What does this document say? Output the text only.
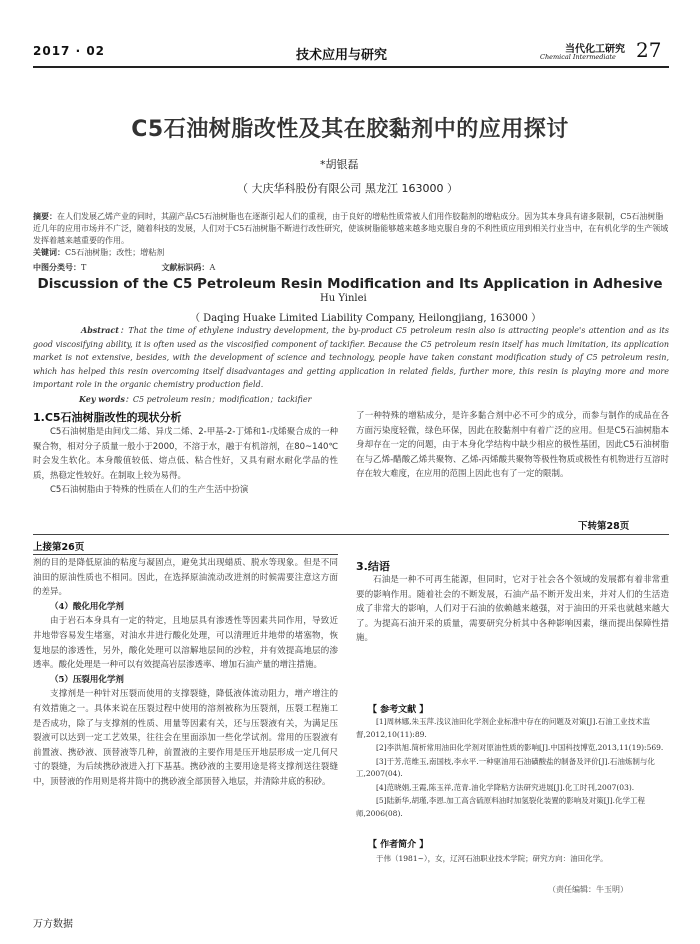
2017 · 02	技术应用与研究	当代化工研究
Chemical Intermediate 27
C5石油树脂改性及其在胶黏剂中的应用探讨
*胡银磊
（ 大庆华科股份有限公司 黑龙江 163000 ）
摘要：在人们发展乙烯产业的同时，其副产品C5石油树脂也在逐渐引起人们的重视，由于良好的增粘性质常被人们用作胶黏剂的增粘成分。因为其本身具有诸多限制，C5石油树脂近几年的应用市场并不广泛，随着科技的发展，人们对于C5石油树脂不断进行改性研究，使该树脂能够越来越多地克服自身的不利性质应用到相关行业当中，在有机化学的生产领域发挥着越来越重要的作用。
关键词：C5石油树脂；改性；增粘剂
中图分类号：T	文献标识码：A
Discussion of the C5 Petroleum Resin Modification and Its Application in Adhesive
Hu Yinlei
（ Daqing Huake Limited Liability Company, Heilongjiang, 163000 ）
Abstract：That the time of ethylene industry development, the by-product C5 petroleum resin also is attracting people's attention and as its good viscosifying ability, it is often used as the viscosified component of tackifier. Because the C5 petroleum resin itself has much limitation, its application market is not extensive, besides, with the development of science and technology, people have taken constant modification study of C5 petroleum resin, which has helped this resin overcoming itself disadvantages and getting application in related fields, further more, this resin is playing more and more important role in the organic chemistry production field.
Key words：C5 petroleum resin；modification；tackifier
1.C5石油树脂改性的现状分析

C5石油树脂是由间戊二烯、异戊二烯、2-甲基-2-丁烯和1-戊烯聚合成的一种聚合物，相对分子质量一般小于2000，不溶于水，融于有机溶剂，在80~140℃时会发生软化。本身酸值较低、熔点低、粘合性好，又具有耐水耐化学品的性质，热稳定性较好。在制取上较为易得。

C5石油树脂由于特殊的性质在人们的生产生活中扮演

了一种特殊的增粘成分，是许多黏合剂中必不可少的成分，而参与制作的成品在各方面污染度轻微，绿色环保，因此在胶黏剂中有着广泛的应用。但是C5石油树脂本身却存在一定的问题，由于本身化学结构中缺少相应的极性基团，因此C5石油树脂在与乙烯-醋酸乙烯共聚物、乙烯-丙烯酸共聚物等极性物质或极性有机物进行互溶时存在较大难度，在应用的范围上因此也有了一定的限制。
下转第28页
上接第26页

剂的目的是降低原油的粘度与凝固点，避免其出现蜡质、脱水等现象。但是不同油田的原油性质也不相同。因此，在选择原油流动改进剂的时候需要注意这方面的差异。

（4）酸化用化学剂

由于岩石本身具有一定的特定，且地层具有渗透性等因素共同作用，导致近井地带容易发生堵塞，对油水井进行酸化处理，可以清理近井地带的堵塞物，恢复地层的渗透性，另外，酸化处理可以溶解地层间的沙粒，并有效提高地层的渗透率。酸化处理是一种可以有效提高岩层渗透率、增加石油产量的增注措施。

（5）压裂用化学剂

支撑剂是一种针对压裂而使用的支撑裂缝，降低液体流动阻力，增产增注的有效措施之一。具体来说在压裂过程中使用的溶剂被称为压裂剂，压裂工程施工是否成功，除了与支撑剂的性质、用量等因素有关，还与压裂液有关，为满足压裂液可以达到一定工艺效果，往往会在里面添加一些化学试剂。常用的压裂液有前置液、携砂液、顶替液等几种，前置液的主要作用是压开地层形成一定几何尺寸的裂缝，为后续携砂液进入打下基基。携砂液的主要用途是将支撑剂送往裂缝中，顶替液的作用则是将井筒中的携砂液全部顶替入地层，并清除井底的积砂。

3.结语

石油是一种不可再生能源，但同时，它对于社会各个领域的发展都有着非常重要的影响作用。随着社会的不断发展，石油产品不断开发出来，并对人们的生活造成了非常大的影响，人们对于石油的依赖越来越强，对于油田的开采也就越来越大了。为提高石油开采的质量，需要研究分析其中各种影响因素，继而提出保障性措施。

【 参考文献 】

[1]周林娜,朱玉萍.浅议油田化学剂企业标准中存在的问题及对策[J].石油工业技术监督,2012,10(11):89.

[2]李洪旭.简析常用油田化学剂对原油性质的影响[J].中国科技博览,2013,11(19):569.

[3]于芳,范维玉,南国枝,李水平.一种驱油用石油磺酸盐的制备及评价[J].石油炼制与化工,2007(04).

[4]范晓娟,王霞,陈玉祥,范青.油化学降粘方法研究进展[J].化工时刊,2007(03).

[5]陆新华,胡瑾,李恩.加工高含硫原料油时加氢裂化装置的影响及对策[J].化学工程师,2006(08).

【 作者简介 】
于伟（1981~），女，辽河石油职业技术学院；研究方向：油田化学。
（责任编辑：牛玉明）
万方数据
